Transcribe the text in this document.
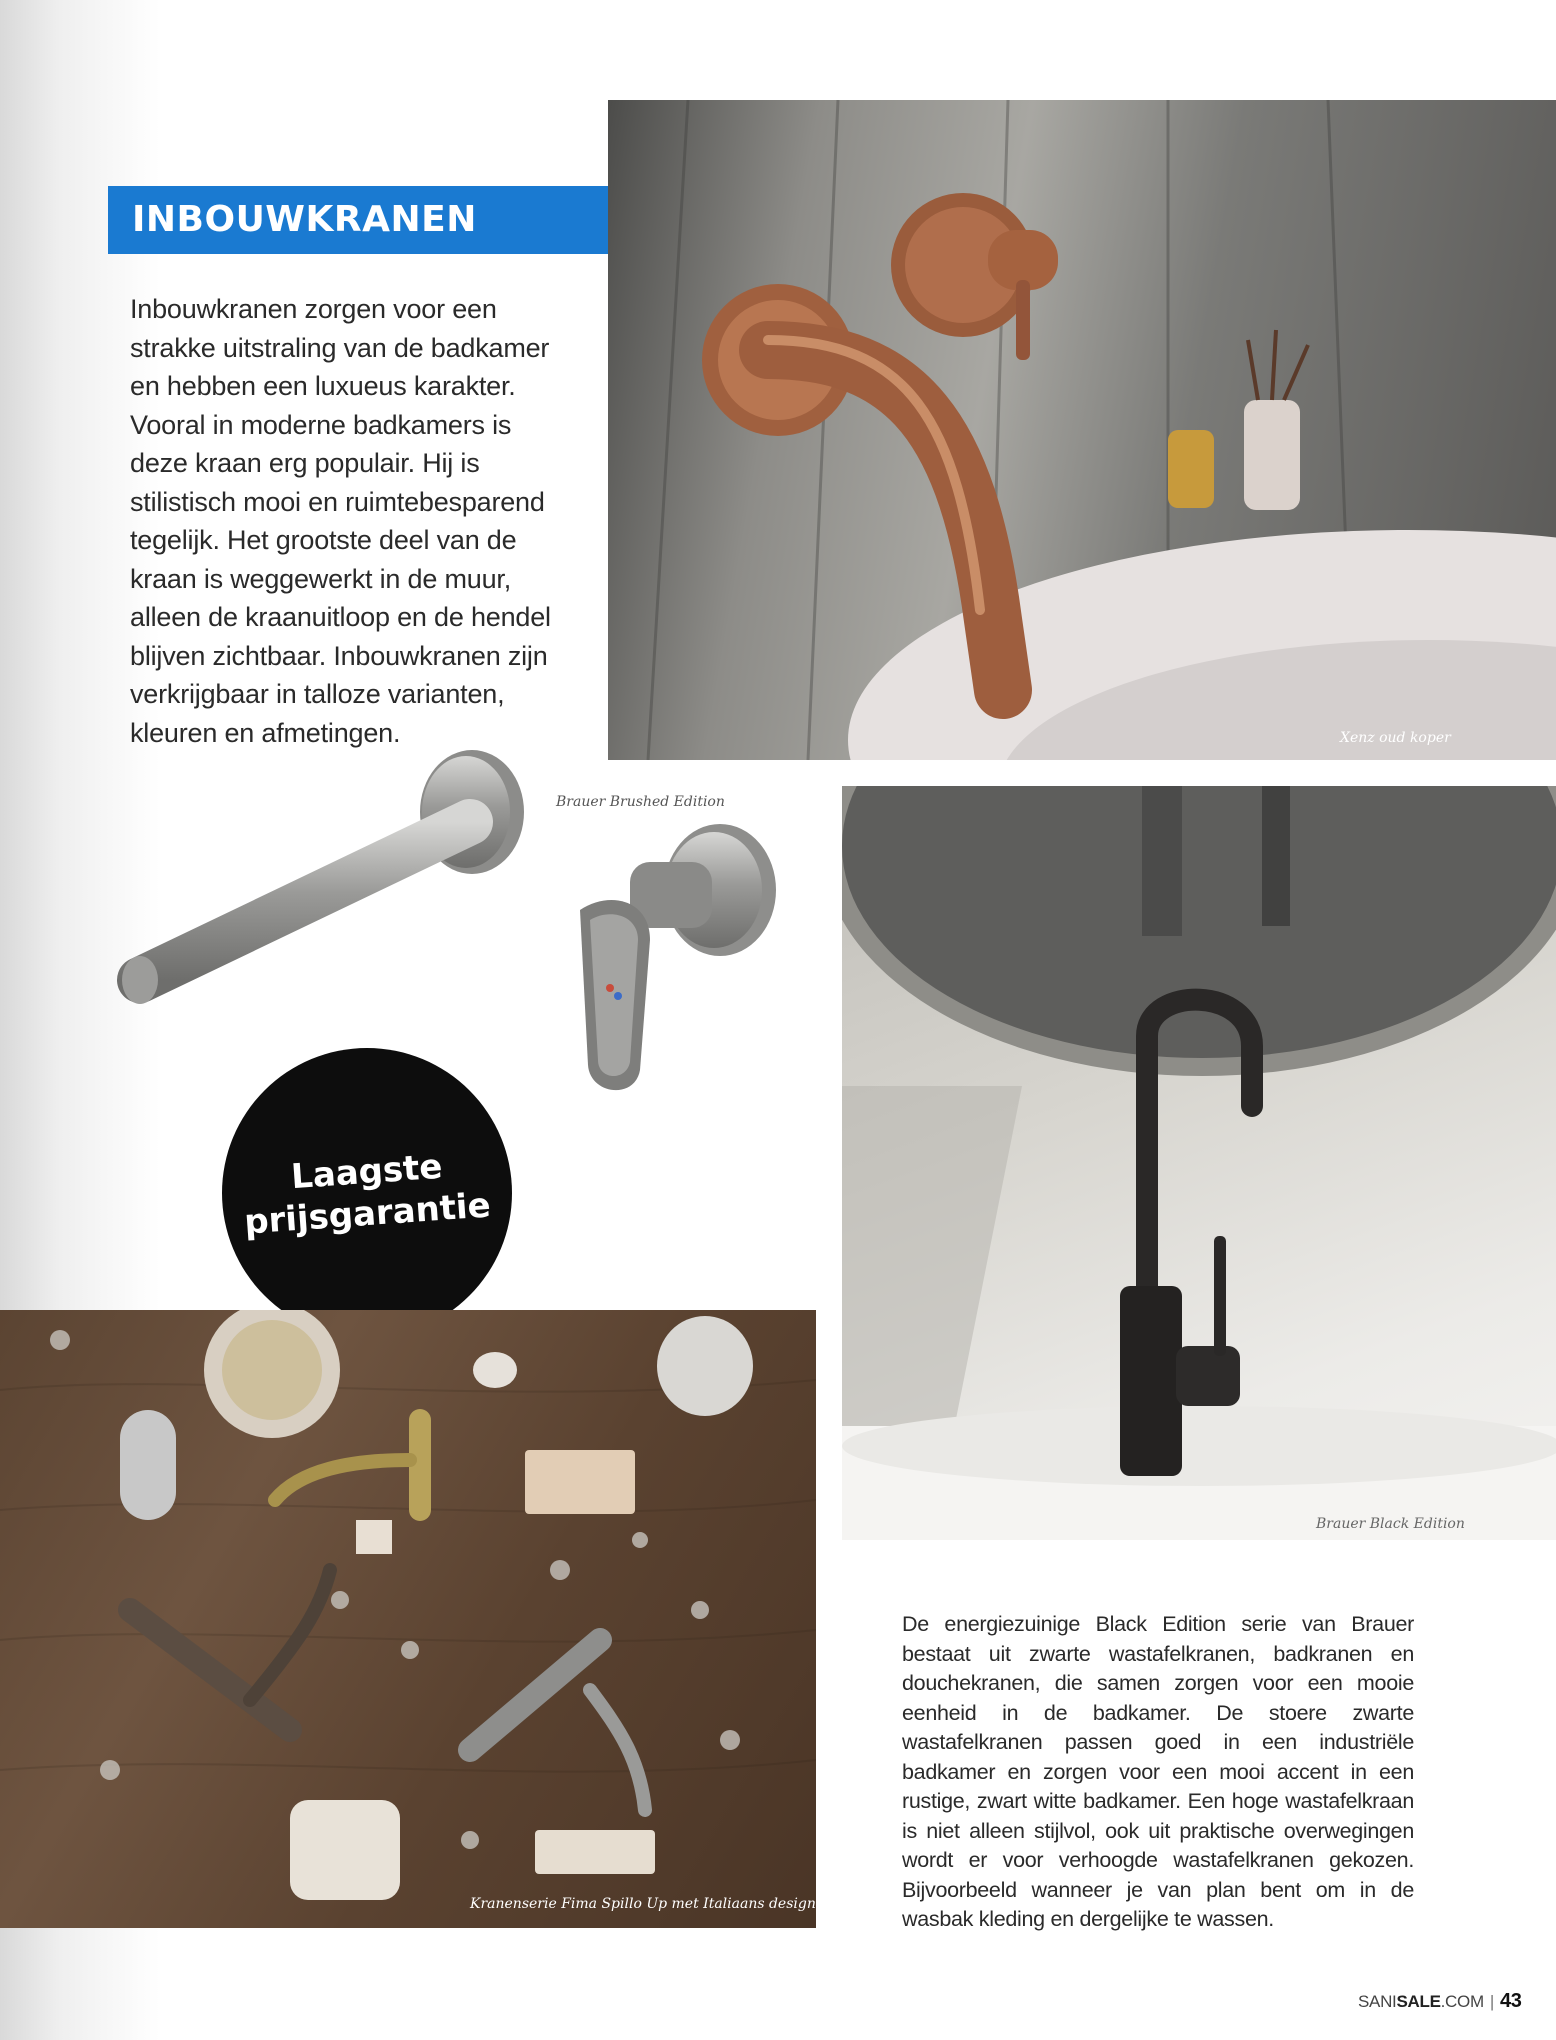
INBOUWKRANEN
Inbouwkranen zorgen voor een
strakke uitstraling van de badkamer
en hebben een luxueus karakter.
Vooral in moderne badkamers is
deze kraan erg populair. Hij is
stilistisch mooi en ruimtebesparend
tegelijk. Het grootste deel van de
kraan is weggewerkt in de muur,
alleen de kraanuitloop en de hendel
blijven zichtbaar. Inbouwkranen zijn
verkrijgbaar in talloze varianten,
kleuren en afmetingen.	Xenz oud koper
Brauer Brushed Edition
Brauer Black Edition
Laagste
prijsgarantie
Kranenserie Fima Spillo Up met Italiaans design
De energiezuinige Black Edition serie van Brauer bestaat uit zwarte wastafelkranen, badkranen en douchekranen, die samen zorgen voor een mooie eenheid in de badkamer. De stoere zwarte wastafelkranen passen goed in een industriële badkamer en zorgen voor een mooi accent in een rustige, zwart witte badkamer. Een hoge wastafelkraan is niet alleen stijlvol, ook uit praktische overwegingen wordt er voor verhoogde wastafelkranen gekozen. Bijvoorbeeld wanneer je van plan bent om in de wasbak kleding en dergelijke te wassen.
SANISALE.COM | 43
